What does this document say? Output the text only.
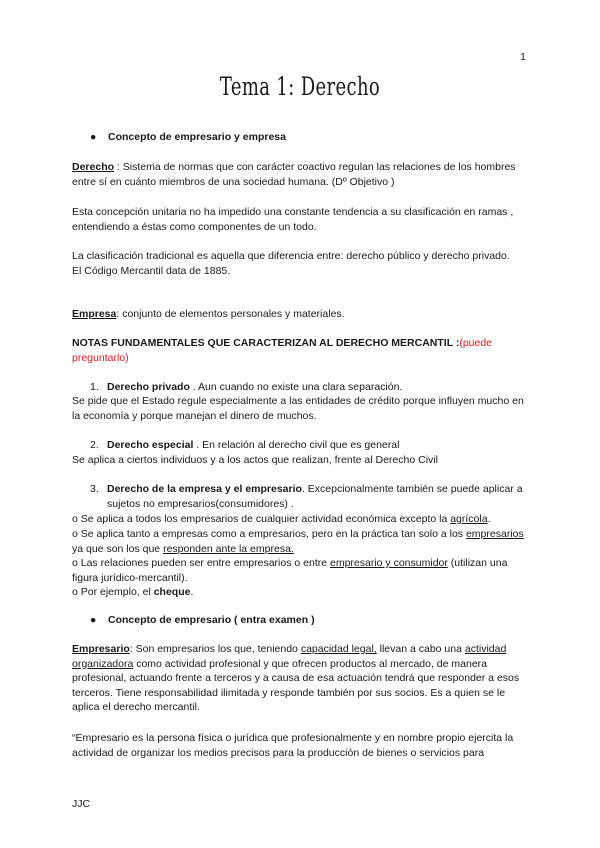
1
Tema 1: Derecho
● Concepto de empresario y empresa

Derecho : Sistema de normas que con carácter coactivo regulan las relaciones de los hombres entre sí en cuánto miembros de una sociedad humana. (Dº Objetivo )

Esta concepción unitaria no ha impedido una constante tendencia a su clasificación en ramas , entendiendo a éstas como componentes de un todo.

La clasificación tradicional es aquella que diferencia entre: derecho público y derecho privado.
El Código Mercantil data de 1885.

Empresa: conjunto de elementos personales y materiales.

NOTAS FUNDAMENTALES QUE CARACTERIZAN AL DERECHO MERCANTIL :(puede preguntarlo)

1. Derecho privado . Aun cuando no existe una clara separación.

Se pide que el Estado regule especialmente a las entidades de crédito porque influyen mucho en la economía y porque manejan el dinero de muchos.

2. Derecho especial . En relación al derecho civil que es general

Se aplica a ciertos individuos y a los actos que realizan, frente al Derecho Civil

3. Derecho de la empresa y el empresario. Excepcionalmente también se puede aplicar a sujetos no empresarios(consumidores) .

o Se aplica a todos los empresarios de cualquier actividad económica excepto la agrícola.

o Se aplica tanto a empresas como a empresarios, pero en la práctica tan solo a los empresarios ya que son los que responden ante la empresa.

o Las relaciones pueden ser entre empresarios o entre empresario y consumidor (utilizan una figura jurídico-mercantil).

o Por ejemplo, el cheque.

● Concepto de empresario ( entra examen )

Empresario: Son empresarios los que, teniendo capacidad legal, llevan a cabo una actividad organizadora como actividad profesional y que ofrecen productos al mercado, de manera profesional, actuando frente a terceros y a causa de esa actuación tendrá que responder a esos terceros. Tiene responsabilidad ilimitada y responde también por sus socios. Es a quien se le aplica el derecho mercantil.

“Empresario es la persona física o jurídica que profesionalmente y en nombre propio ejercita la actividad de organizar los medios precisos para la producción de bienes o servicios para

JJC
